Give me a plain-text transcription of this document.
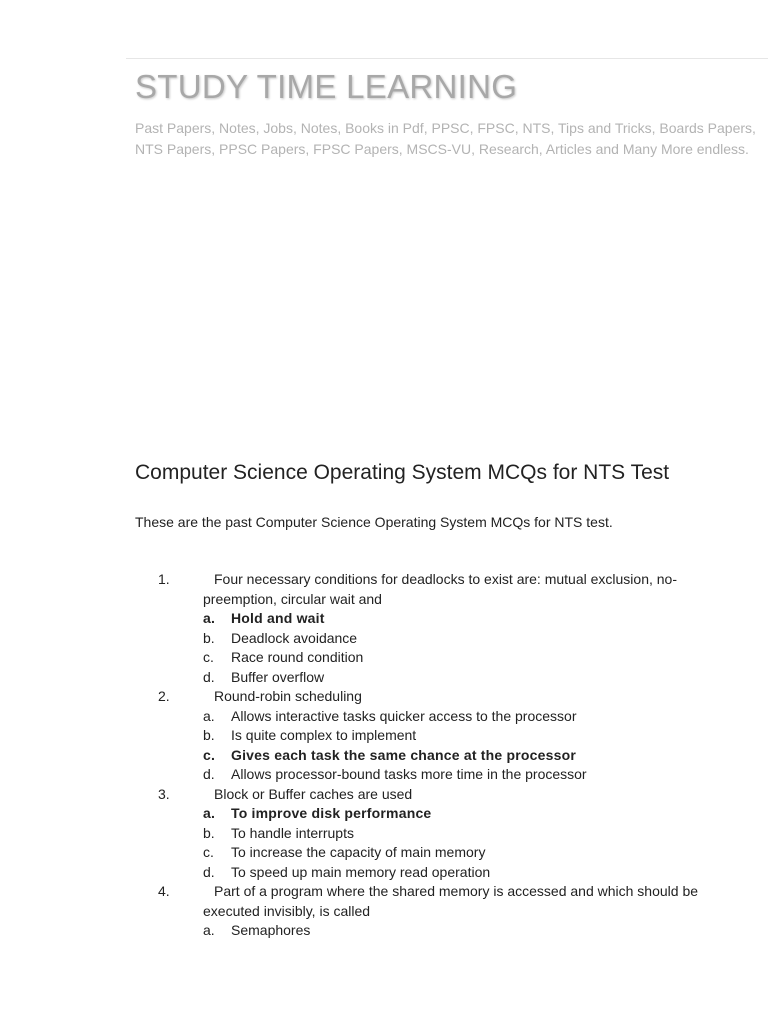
STUDY TIME LEARNING

Past Papers, Notes, Jobs, Notes, Books in Pdf, PPSC, FPSC, NTS, Tips and Tricks, Boards Papers, NTS Papers, PPSC Papers, FPSC Papers, MSCS-VU, Research, Articles and Many More endless.

Computer Science Operating System MCQs for NTS Test

These are the past Computer Science Operating System MCQs for NTS test.

1.	Four necessary conditions for deadlocks to exist are: mutual exclusion, no-preemption, circular wait and

a. Hold and wait
b. Deadlock avoidance
c. Race round condition
d. Buffer overflow
2.	Round-robin scheduling

a. Allows interactive tasks quicker access to the processor
b. Is quite complex to implement
c. Gives each task the same chance at the processor
d. Allows processor-bound tasks more time in the processor
3.	Block or Buffer caches are used

a. To improve disk performance
b. To handle interrupts
c. To increase the capacity of main memory
d. To speed up main memory read operation
4.	Part of a program where the shared memory is accessed and which should be executed invisibly, is called

a. Semaphores
